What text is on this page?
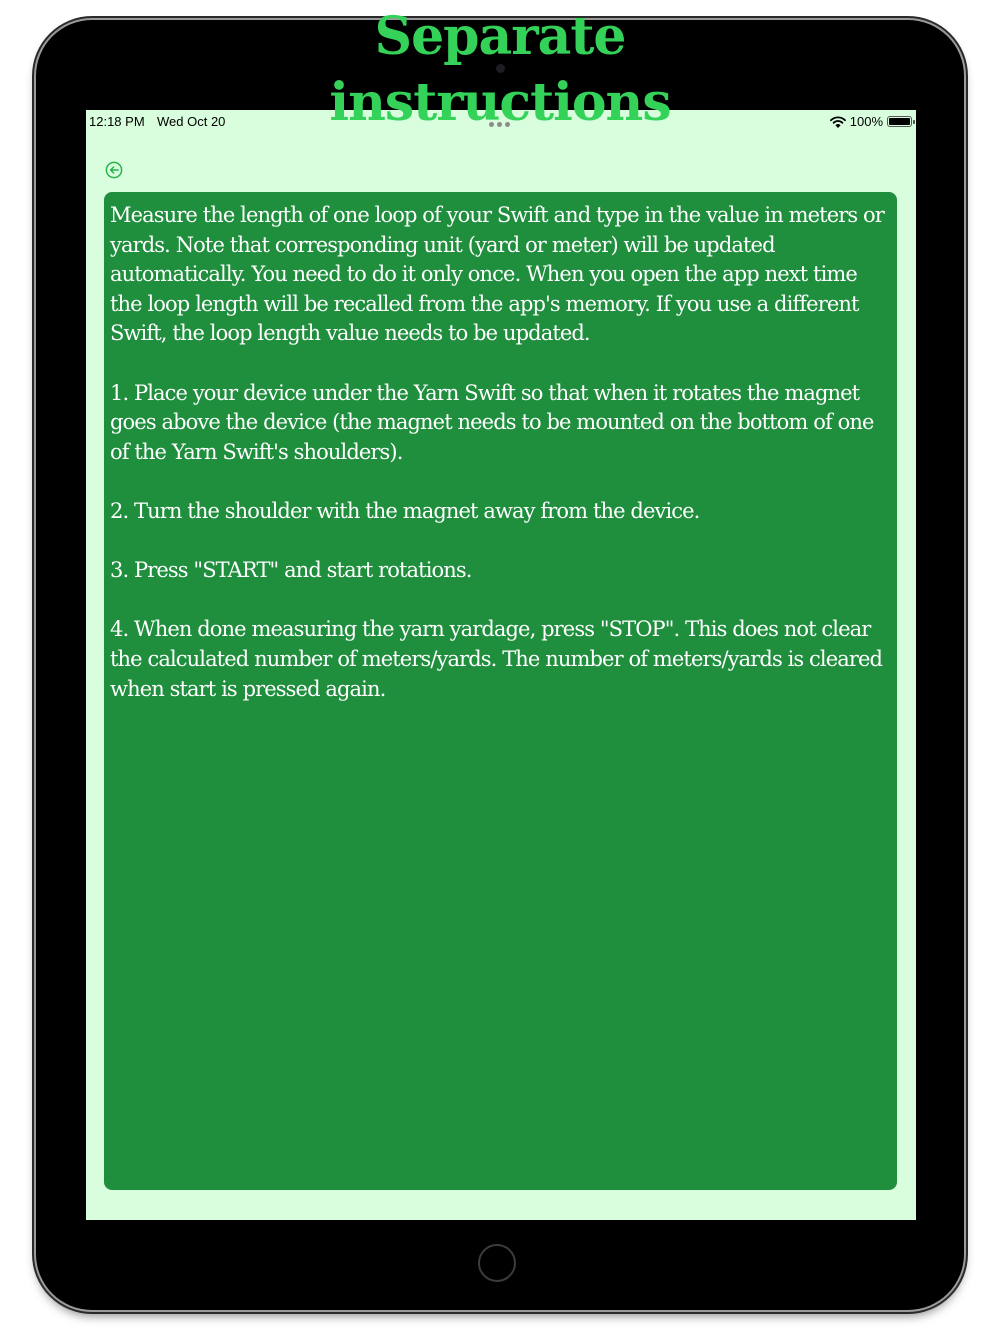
12:18 PM Wed Oct 20	100%

Measure the length of one loop of your Swift and type in the value in meters or yards. Note that corresponding unit (yard or meter) will be updated automatically. You need to do it only once. When you open the app next time the loop length will be recalled from the app's memory. If you use a different Swift, the loop length value needs to be updated.

1. Place your device under the Yarn Swift so that when it rotates the magnet goes above the device (the magnet needs to be mounted on the bottom of one of the Yarn Swift's shoulders).

2. Turn the shoulder with the magnet away from the device.

3. Press "START" and start rotations.

4. When done measuring the yarn yardage, press "STOP". This does not clear the calculated number of meters/yards. The number of meters/yards is cleared when start is pressed again.

Separate
instructions
